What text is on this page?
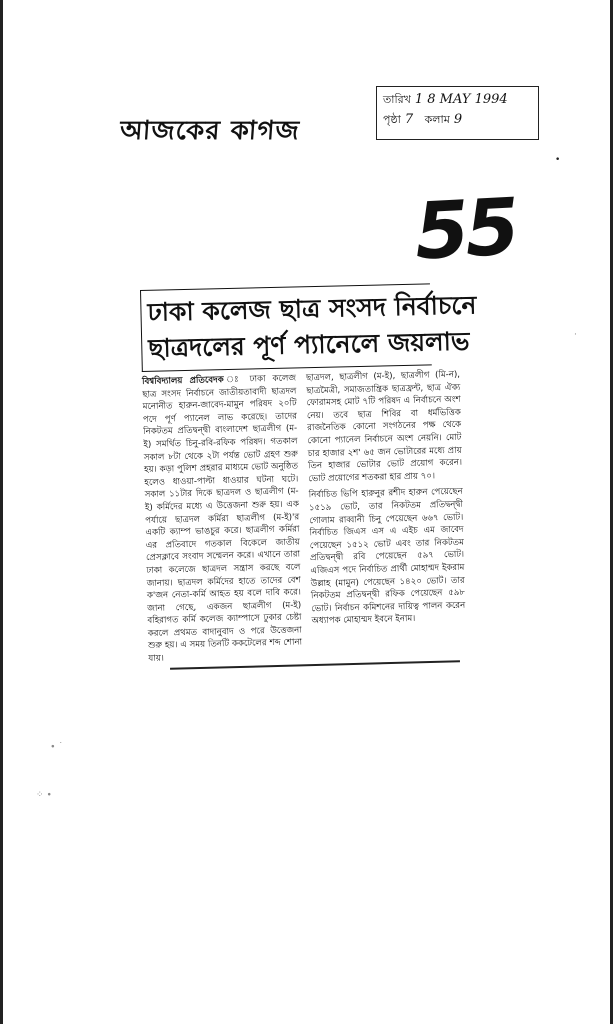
আজকের কাগজ
তারিখ 1 8 MAY 1994
পৃষ্ঠা 7
কলাম 9
55
ঢাকা কলেজ ছাত্র সংসদ নির্বাচনে
ছাত্রদলের পূর্ণ প্যানেলে জয়লাভ

বিশ্ববিদ্যালয় প্রতিবেদক ঃ ঢাকা কলেজ ছাত্র সংসদ নির্বাচনে জাতীয়তাবাদী ছাত্রদল মনোনীত হারুন-জাবেদ-মামুন পরিষদ ২০টি পদে পূর্ণ প্যানেল লাভ করেছে। তাদের নিকটতম প্রতিদ্বন্দ্বী বাংলাদেশ ছাত্রলীগ (ম-ই) সমর্থিত চিনু-রবি-রফিক পরিষদ। গতকাল সকাল ৮টা থেকে ২টা পর্যন্ত ভোট গ্রহণ শুরু হয়। কড়া পুলিশ প্রহরার মাধ্যমে ভোট অনুষ্ঠিত হলেও ধাওয়া-পাল্টা ধাওয়ার ঘটনা ঘটে। সকাল ১১টার দিকে ছাত্রদল ও ছাত্রলীগ (ম-ই) কর্মিদের মধ্যে এ উত্তেজনা শুরু হয়। এক পর্যায়ে ছাত্রদল কর্মিরা ছাত্রলীগ (ম-ই)'র একটি ক্যাম্প ভাঙচুর করে। ছাত্রলীগ কর্মিরা এর প্রতিবাদে গতকাল বিকেলে জাতীয় প্রেসক্লাবে সংবাদ সম্মেলন করে। এখানে তারা ঢাকা কলেজে ছাত্রদল সন্ত্রাস করছে বলে জানায়। ছাত্রদল কর্মিদের হাতে তাদের বেশ ক'জন নেতা-কর্মি আহত হয় বলে দাবি করে। জানা গেছে, একজন ছাত্রলীগ (ম-ই) বহিরাগত কর্মি কলেজ ক্যাম্পাসে ঢুকার চেষ্টা করলে প্রথমত বাদানুবাদ ও পরে উত্তেজনা শুরু হয়। এ সময় তিনটি ককটেলের শব্দ শোনা যায়।

ছাত্রদল, ছাত্রলীগ (ম-ই), ছাত্রলীগ (মি-ন), ছাত্রমৈত্রী, সমাজতান্ত্রিক ছাত্রফ্রন্ট, ছাত্র ঐক্য ফোরামসহ মোট ৭টি পরিষদ এ নির্বাচনে অংশ নেয়। তবে ছাত্র শিবির বা ধর্মভিত্তিক রাজনৈতিক কোনো সংগঠনের পক্ষ থেকে কোনো প্যানেল নির্বাচনে অংশ নেয়নি। মোট চার হাজার ২শ' ৬৫ জন ভোটারের মধ্যে প্রায় তিন হাজার ভোটার ভোট প্রয়োগ করেন। ভোট প্রয়োগের শতকরা হার প্রায় ৭০।

নির্বাচিত ভিপি হারুনুর রশীদ হারুন পেয়েছেন ১৫১৯ ভোট, তার নিকটতম প্রতিদ্বন্দ্বী গোলাম রাব্বানী চিনু পেয়েছেন ৬৬৭ ভোট। নির্বাচিত জিএস এস এ এইচ এম জাবেদ পেয়েছেন ১৫১২ ভোট এবং তার নিকটতম প্রতিদ্বন্দ্বী রবি পেয়েছেন ৫৯৭ ভোট। এজিএস পদে নির্বাচিত প্রার্থী মোহাম্মদ ইকরাম উল্লাহ (মামুন) পেয়েছেন ১৪২০ ভোট। তার নিকটতম প্রতিদ্বন্দ্বী রফিক পেয়েছেন ৫৯৮ ভোট। নির্বাচন কমিশনের দায়িত্ব পালন করেন অধ্যাপক মোহাম্মদ ইবনে ইনাম।

∙ ˙
⁘ ∙
•
·
